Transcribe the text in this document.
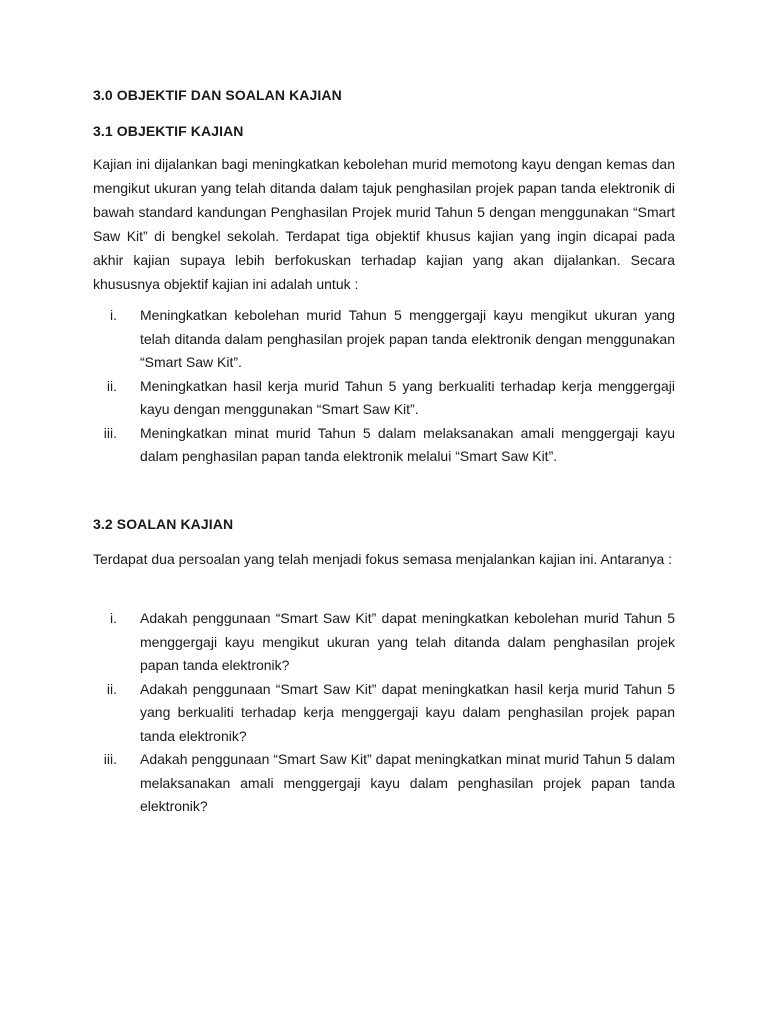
3.0 OBJEKTIF DAN SOALAN KAJIAN
3.1 OBJEKTIF KAJIAN
Kajian ini dijalankan bagi meningkatkan kebolehan murid memotong kayu dengan kemas dan mengikut ukuran yang telah ditanda dalam tajuk penghasilan projek papan tanda elektronik di bawah standard kandungan Penghasilan Projek murid Tahun 5 dengan menggunakan “Smart Saw Kit” di bengkel sekolah. Terdapat tiga objektif khusus kajian yang ingin dicapai pada akhir kajian supaya lebih berfokuskan terhadap kajian yang akan dijalankan. Secara khususnya objektif kajian ini adalah untuk :
i. Meningkatkan kebolehan murid Tahun 5 menggergaji kayu mengikut ukuran yang telah ditanda dalam penghasilan projek papan tanda elektronik dengan menggunakan “Smart Saw Kit”.
ii. Meningkatkan hasil kerja murid Tahun 5 yang berkualiti terhadap kerja menggergaji kayu dengan menggunakan “Smart Saw Kit”.
iii. Meningkatkan minat murid Tahun 5 dalam melaksanakan amali menggergaji kayu dalam penghasilan papan tanda elektronik melalui “Smart Saw Kit”.
3.2 SOALAN KAJIAN
Terdapat dua persoalan yang telah menjadi fokus semasa menjalankan kajian ini. Antaranya :
i. Adakah penggunaan “Smart Saw Kit” dapat meningkatkan kebolehan murid Tahun 5 menggergaji kayu mengikut ukuran yang telah ditanda dalam penghasilan projek papan tanda elektronik?
ii. Adakah penggunaan “Smart Saw Kit” dapat meningkatkan hasil kerja murid Tahun 5 yang berkualiti terhadap kerja menggergaji kayu dalam penghasilan projek papan tanda elektronik?
iii. Adakah penggunaan “Smart Saw Kit” dapat meningkatkan minat murid Tahun 5 dalam melaksanakan amali menggergaji kayu dalam penghasilan projek papan tanda elektronik?
